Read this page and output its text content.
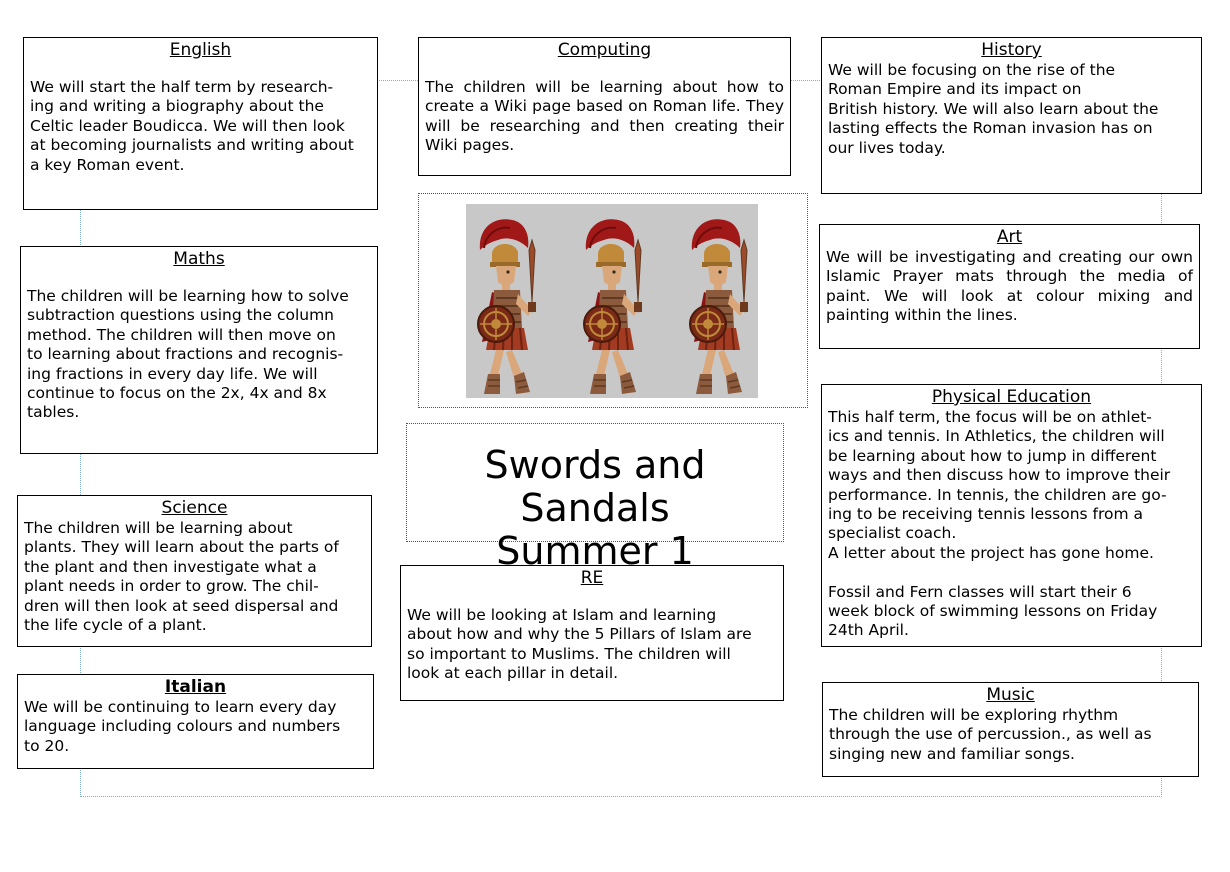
English
We will start the half term by research-
ing and writing a biography about the
Celtic leader Boudicca. We will then look
at becoming journalists and writing about
a key Roman event.
Computing
The children will be learning about how to create a Wiki page based on Roman life. They will be researching and then creating their Wiki pages.
History
We will be focusing on the rise of the
Roman Empire and its impact on
British history. We will also learn about the
lasting effects the Roman invasion has on
our lives today.
Maths
The children will be learning how to solve
subtraction questions using the column
method. The children will then move on
to learning about fractions and recognis-
ing fractions in every day life. We will
continue to focus on the 2x, 4x and 8x
tables.
Art
We will be investigating and creating our own Islamic Prayer mats through the media of paint. We will look at colour mixing and painting within the lines.
Physical Education
This half term, the focus will be on athlet-
ics and tennis. In Athletics, the children will
be learning about how to jump in different
ways and then discuss how to improve their
performance. In tennis, the children are go-
ing to be receiving tennis lessons from a
specialist coach.
A letter about the project has gone home.

Fossil and Fern classes will start their 6
week block of swimming lessons on Friday
24th April.
Science
The children will be learning about
plants. They will learn about the parts of
the plant and then investigate what a
plant needs in order to grow. The chil-
dren will then look at seed dispersal and
the life cycle of a plant.
RE
We will be looking at Islam and learning
about how and why the 5 Pillars of Islam are
so important to Muslims. The children will
look at each pillar in detail.
Italian
We will be continuing to learn every day
language including colours and numbers
to 20.
Music
The children will be exploring rhythm
through the use of percussion., as well as
singing new and familiar songs.
Swords and Sandals
Summer 1
